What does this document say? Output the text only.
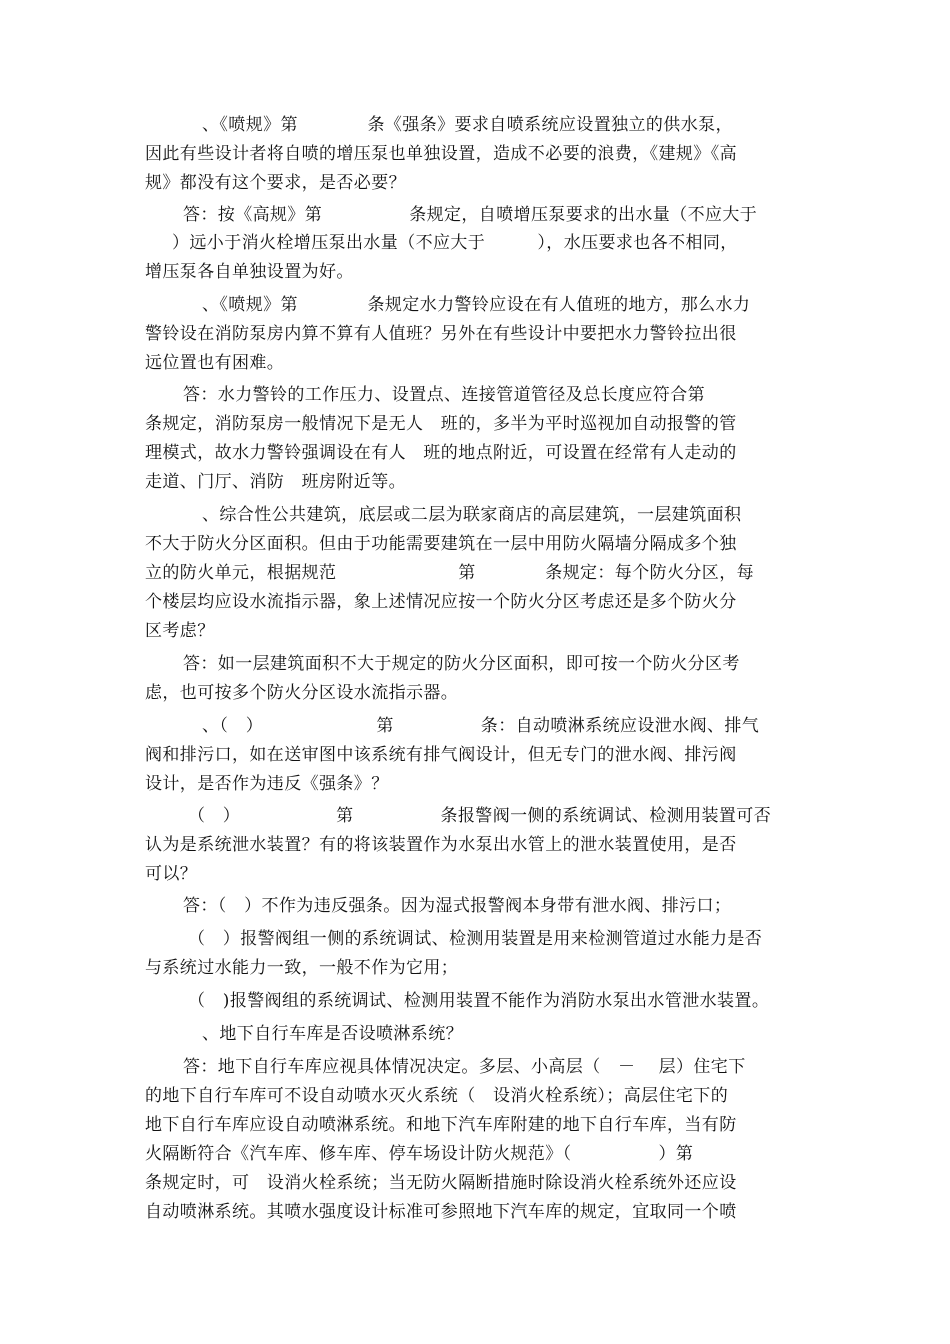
、《喷规》第　　　　条《强条》要求自喷系统应设置独立的供水泵，
因此有些设计者将自喷的增压泵也单独设置，造成不必要的浪费，《建规》《高
规》都没有这个要求，是否必要？
答：按《高规》第　　　　　条规定，自喷增压泵要求的出水量（不应大于
）远小于消火栓增压泵出水量（不应大于　　　），水压要求也各不相同，
增压泵各自单独设置为好。
、《喷规》第　　　　条规定水力警铃应设在有人值班的地方，那么水力
警铃设在消防泵房内算不算有人值班？另外在有些设计中要把水力警铃拉出很
远位置也有困难。
答：水力警铃的工作压力、设置点、连接管道管径及总长度应符合第
条规定，消防泵房一般情况下是无人　班的，多半为平时巡视加自动报警的管
理模式，故水力警铃强调设在有人　班的地点附近，可设置在经常有人走动的
走道、门厅、消防　班房附近等。
、综合性公共建筑，底层或二层为联家商店的高层建筑，一层建筑面积
不大于防火分区面积。但由于功能需要建筑在一层中用防火隔墙分隔成多个独
立的防火单元，根据规范　　　　　　　第　　　　条规定：每个防火分区，每
个楼层均应设水流指示器，象上述情况应按一个防火分区考虑还是多个防火分
区考虑？
答：如一层建筑面积不大于规定的防火分区面积，即可按一个防火分区考
虑，也可按多个防火分区设水流指示器。
、（　）　　　　　　　第　　　　　条：自动喷淋系统应设泄水阀、排气
阀和排污口，如在送审图中该系统有排气阀设计，但无专门的泄水阀、排污阀
设计，是否作为违反《强条》？
（　）　　　　　　第　　　　　条报警阀一侧的系统调试、检测用装置可否
认为是系统泄水装置？有的将该装置作为水泵出水管上的泄水装置使用，是否
可以？
答：（　）不作为违反强条。因为湿式报警阀本身带有泄水阀、排污口；
（　）报警阀组一侧的系统调试、检测用装置是用来检测管道过水能力是否
与系统过水能力一致，一般不作为它用；
（　)报警阀组的系统调试、检测用装置不能作为消防水泵出水管泄水装置。
、地下自行车库是否设喷淋系统？
答：地下自行车库应视具体情况决定。多层、小高层（　－　 层）住宅下
的地下自行车库可不设自动喷水灭火系统（　设消火栓系统）；高层住宅下的
地下自行车库应设自动喷淋系统。和地下汽车库附建的地下自行车库，当有防
火隔断符合《汽车库、修车库、停车场设计防火规范》（　　　　　）第
条规定时，可　设消火栓系统；当无防火隔断措施时除设消火栓系统外还应设
自动喷淋系统。其喷水强度设计标准可参照地下汽车库的规定，宜取同一个喷
